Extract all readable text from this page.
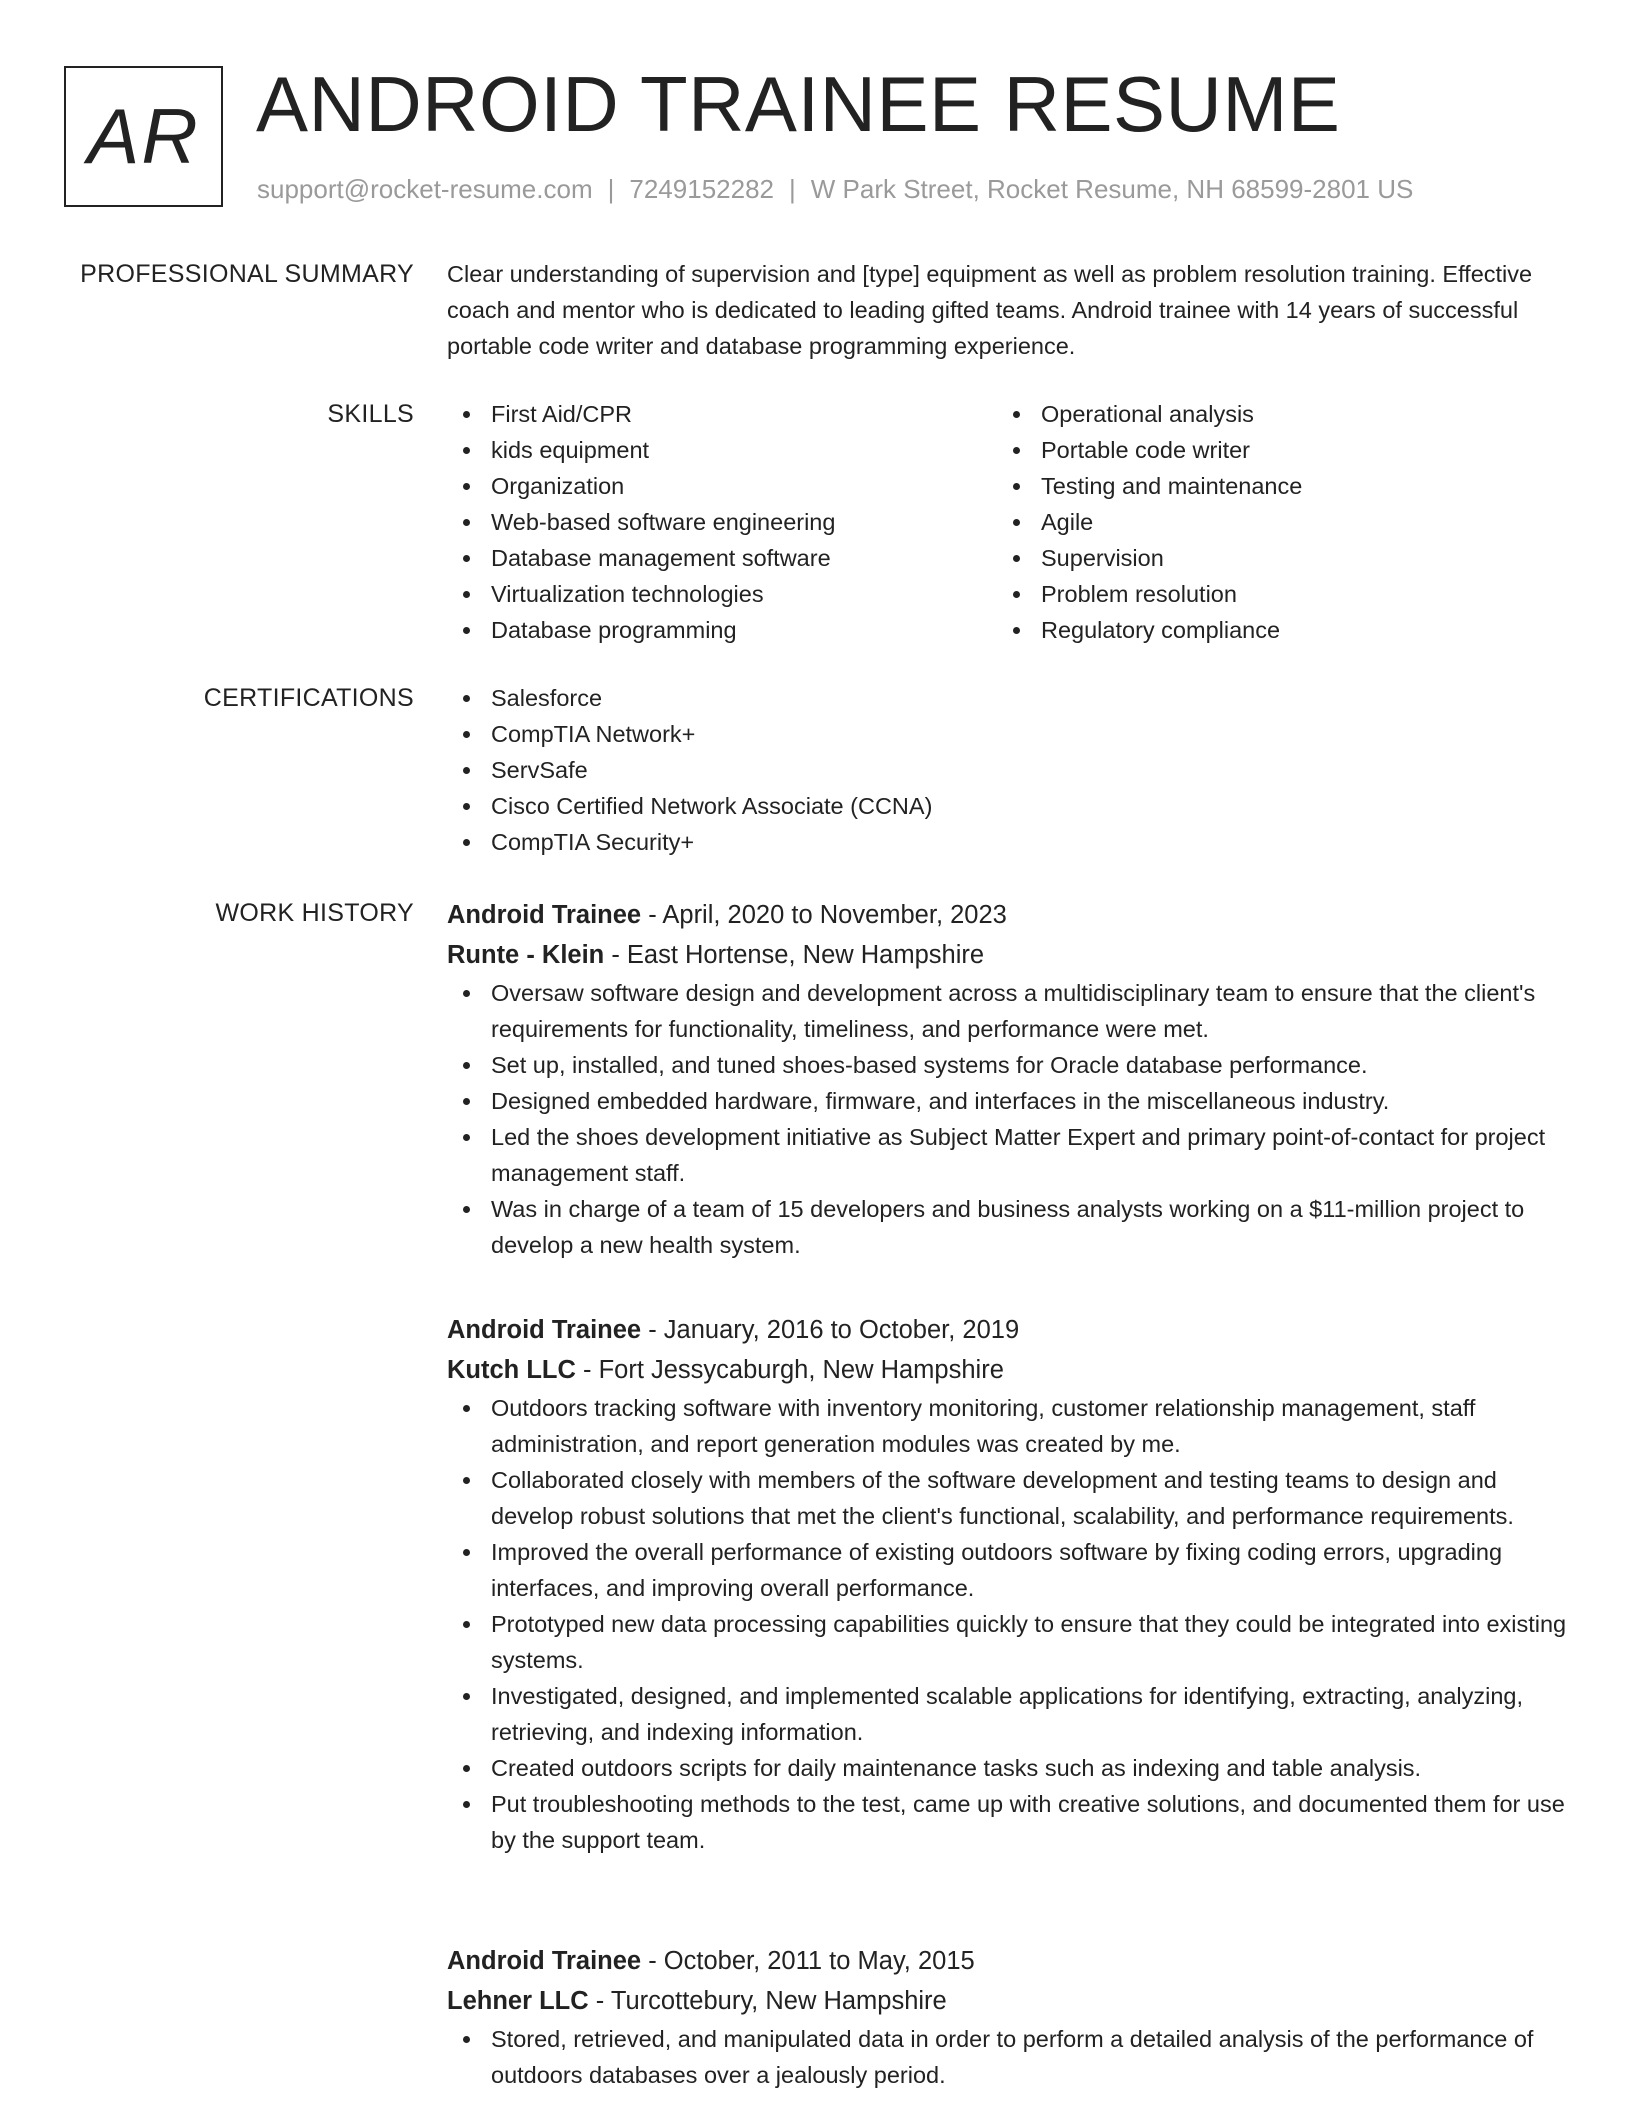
AR ANDROID TRAINEE RESUME
support@rocket-resume.com | 7249152282 | W Park Street, Rocket Resume, NH 68599-2801 US
PROFESSIONAL SUMMARY Clear understanding of supervision and [type] equipment as well as problem resolution training. Effective coach and mentor who is dedicated to leading gifted teams. Android trainee with 14 years of successful portable code writer and database programming experience.
SKILLS	First Aid/CPR
kids equipment
Organization
Web-based software engineering
Database management software
Virtualization technologies
Database programming
Operational analysis
Portable code writer
Testing and maintenance
Agile
Supervision
Problem resolution
Regulatory compliance
CERTIFICATIONS	Salesforce
CompTIA Network+
ServSafe
Cisco Certified Network Associate (CCNA)
CompTIA Security+
WORK HISTORY Android Trainee - April, 2020 to November, 2023
Runte - Klein - East Hortense, New Hampshire
Oversaw software design and development across a multidisciplinary team to ensure that the client's requirements for functionality, timeliness, and performance were met.
Set up, installed, and tuned shoes-based systems for Oracle database performance.
Designed embedded hardware, firmware, and interfaces in the miscellaneous industry.
Led the shoes development initiative as Subject Matter Expert and primary point-of-contact for project management staff.
Was in charge of a team of 15 developers and business analysts working on a $11-million project to develop a new health system.
Android Trainee - January, 2016 to October, 2019
Kutch LLC - Fort Jessycaburgh, New Hampshire
Outdoors tracking software with inventory monitoring, customer relationship management, staff administration, and report generation modules was created by me.
Collaborated closely with members of the software development and testing teams to design and develop robust solutions that met the client's functional, scalability, and performance requirements.
Improved the overall performance of existing outdoors software by fixing coding errors, upgrading interfaces, and improving overall performance.
Prototyped new data processing capabilities quickly to ensure that they could be integrated into existing systems.
Investigated, designed, and implemented scalable applications for identifying, extracting, analyzing, retrieving, and indexing information.
Created outdoors scripts for daily maintenance tasks such as indexing and table analysis.
Put troubleshooting methods to the test, came up with creative solutions, and documented them for use by the support team.
Android Trainee - October, 2011 to May, 2015
Lehner LLC - Turcottebury, New Hampshire
Stored, retrieved, and manipulated data in order to perform a detailed analysis of the performance of outdoors databases over a jealously period.
